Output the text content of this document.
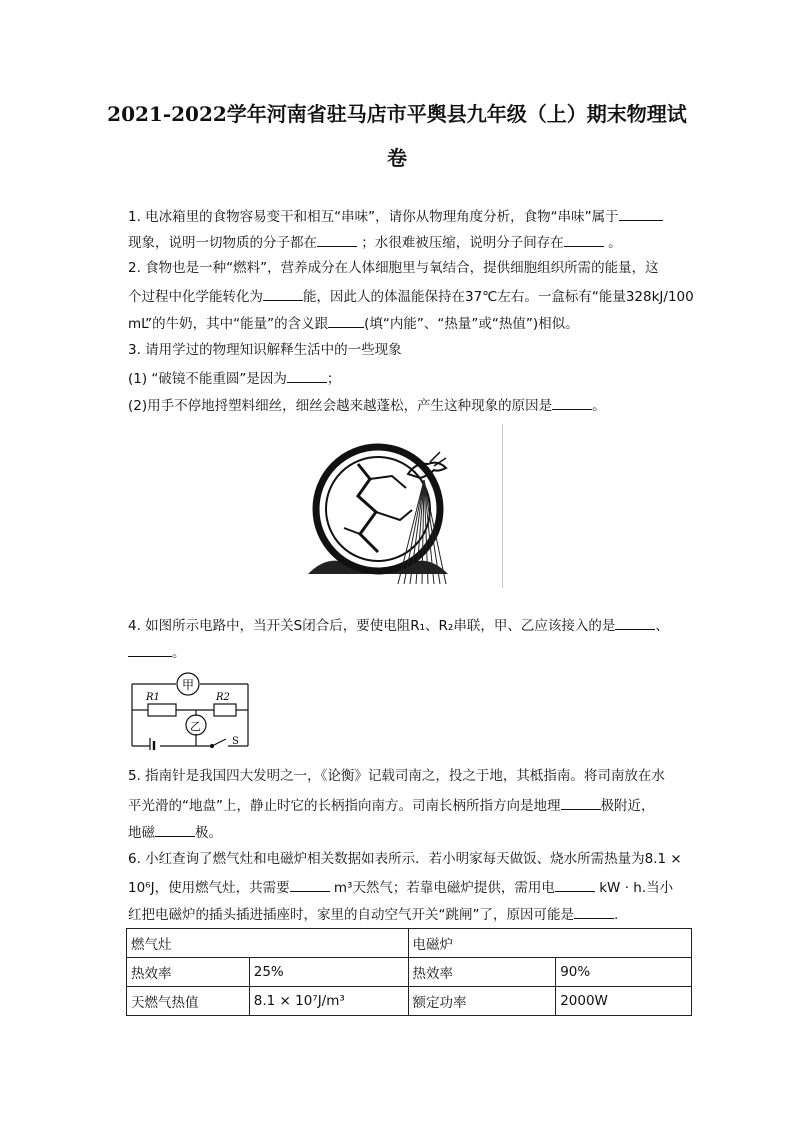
2021-2022学年河南省驻马店市平舆县九年级（上）期末物理试
卷
1. 电冰箱里的食物容易变干和相互“串味”，请你从物理角度分析，食物“串味”属于
现象，说明一切物质的分子都在	；水很难被压缩，说明分子间存在	。
2. 食物也是一种“燃料”，营养成分在人体细胞里与氧结合，提供细胞组织所需的能量，这
个过程中化学能转化为	能，因此人的体温能保持在37℃左右。一盒标有“能量328kJ/100
mL”的牛奶，其中“能量”的含义跟	(填“内能”、“热量”或“热值”)相似。
3. 请用学过的物理知识解释生活中的一些现象
(1) “破镜不能重圆”是因为	；
(2)用手不停地捋塑料细丝，细丝会越来越蓬松，产生这种现象的原因是	。
4. 如图所示电路中，当开关S闭合后，要使电阻R₁、R₂串联，甲、乙应该接入的是	、
。
甲
乙
R1	R2
S
5. 指南针是我国四大发明之一，《论衡》记载司南之，投之于地，其柢指南。将司南放在水
平光滑的“地盘”上，静止时它的长柄指向南方。司南长柄所指方向是地理	极附近，
地磁	极。
6. 小红查询了燃气灶和电磁炉相关数据如表所示．若小明家每天做饭、烧水所需热量为8.1 ×
10⁶J，使用燃气灶，共需要	m³天然气；若靠电磁炉提供，需用电	kW · h.当小
红把电磁炉的插头插进插座时，家里的自动空气开关“跳闸”了，原因可能是	.
燃气灶		电磁炉	
热效率	25%	热效率	90%
天燃气热值	8.1 × 10⁷J/m³	额定功率	2000W
